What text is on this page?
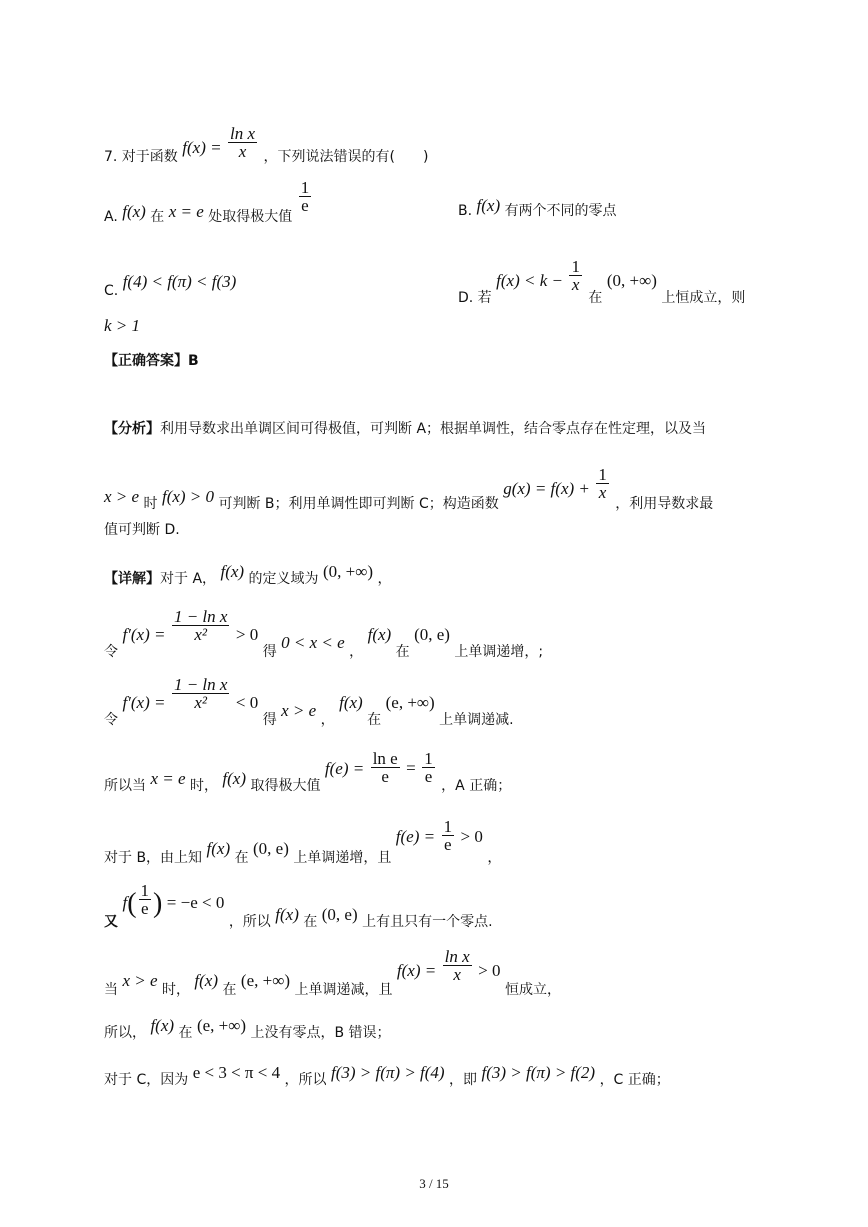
7. 对于函数 $f(x) = \frac{\text{ln x}}{x}$ ，下列说法错误的有(　　)
A. f(x) 在 x = e 处取得极大值
$\frac{1}{e}$	B. f(x) 有两个不同的零点
C. f(4) < f(π) < f(3)
D. 若 $f(x) < k - \frac{1}{x}$
在 (0, +∞) 上恒成立，则
k > 1
【正确答案】B
【分析】利用导数求出单调区间可得极值，可判断 A；根据单调性，结合零点存在性定理，以及当
x > e 时 f(x) > 0 可判断 B；利用单调性即可判断 C；构造函数 $g(x) = f(x) + \frac{1}{x}$
，利用导数求最
值可判断 D.
【详解】对于 A， f(x) 的定义域为 (0, +∞) ，
令 $f'(x) = \frac{\text{1 − ln x}}{\text{x²}} > 0$ 得 0 < x < e ， f(x) 在 (0, e) 上单调递增，;
令 $f'(x) = \frac{\text{1 − ln x}}{\text{x²}} < 0$ 得 x > e ， f(x) 在 (e, +∞) 上单调递减.
所以当 x = e 时， f(x) 取得极大值 $f(e) = \frac{\text{ln e}}{e} = \frac{1}{e}$
，A 正确；
对于 B，由上知 f(x) 在 (0, e) 上单调递增，且 $f(e) = \frac{1}{e} > 0$ ，
又 $f( \frac{1}{e}$ ) = −e < 0 ，所以 f(x) 在 (0, e) 上有且只有一个零点.
当 x > e 时， f(x) 在 (e, +∞) 上单调递减，且 $f(x) = \frac{\text{ln x}}{x} > 0$ 恒成立，
所以， f(x) 在 (e, +∞) 上没有零点，B 错误；
对于 C，因为 e < 3 < π < 4 ，所以 f(3) > f(π) > f(4) ，即 f(3) > f(π) > f(2) ，C 正确；
3 / 15
